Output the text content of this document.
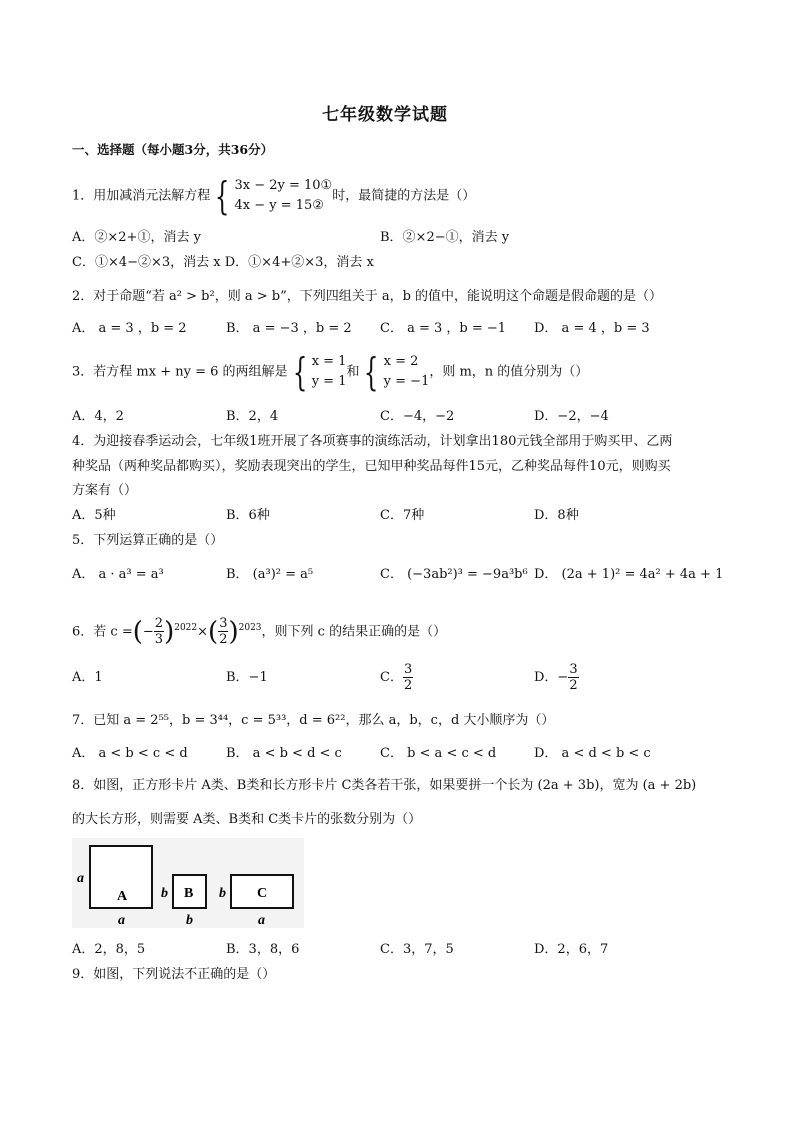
七年级数学试题
一、选择题（每小题3分，共36分）
1．用加减消元法解方程 { 3x − 2y = 10①
4x − y = 15②
时，最简捷的方法是（）
A．②×2+①，消去 y	B．②×2−①，消去 y
C．①×4−②×3，消去 x D．①×4+②×3，消去 x
2．对于命题“若 a² > b²，则 a > b”，下列四组关于 a，b 的值中，能说明这个命题是假命题的是（）
A． a = 3 ，b = 2	B． a = −3 ，b = 2 C． a = 3 ，b = −1 D． a = 4 ，b = 3
3．若方程 mx + ny = 6 的两组解是 { x = 1
y = 1
和 { x = 2
y = −1
，则 m，n 的值分别为（）
A．4，2	B．2，4	C．−4，−2	D．−2，−4
4．为迎接春季运动会，七年级1班开展了各项赛事的演练活动，计划拿出180元钱全部用于购买甲、乙两
种奖品（两种奖品都购买），奖励表现突出的学生，已知甲种奖品每件15元，乙种奖品每件10元，则购买
方案有（）
A．5种	B．6种	C．7种	D．8种
5．下列运算正确的是（）
A． a · a³ = a³	B． (a³)² = a⁵	C． (−3ab²)³ = −9a³b⁶ D． (2a + 1)² = 4a² + 4a + 1
6．若 c =(− $\frac{2}{3} )^{2022}\times( \frac{3}{2} )^{2023}$，则下列 c 的结果正确的是（）
A．1	B．−1	C． $\frac{3}{2}$	D．− $\frac{3}{2}$
7．已知 a = 2⁵⁵，b = 3⁴⁴，c = 5³³，d = 6²²，那么 a，b，c，d 大小顺序为（）
A． a < b < c < d	B． a < b < d < c	C． b < a < c < d	D． a < d < b < c
8．如图，正方形卡片 A类、B类和长方形卡片 C类各若干张，如果要拼一个长为 (2a + 3b)，宽为 (a + 2b)
的大长方形，则需要 A类、B类和 C类卡片的张数分别为（）
A	B	C
a
a
b
b
b
a
A．2，8，5	B．3，8，6	C．3，7，5	D．2，6，7
9．如图，下列说法不正确的是（）
